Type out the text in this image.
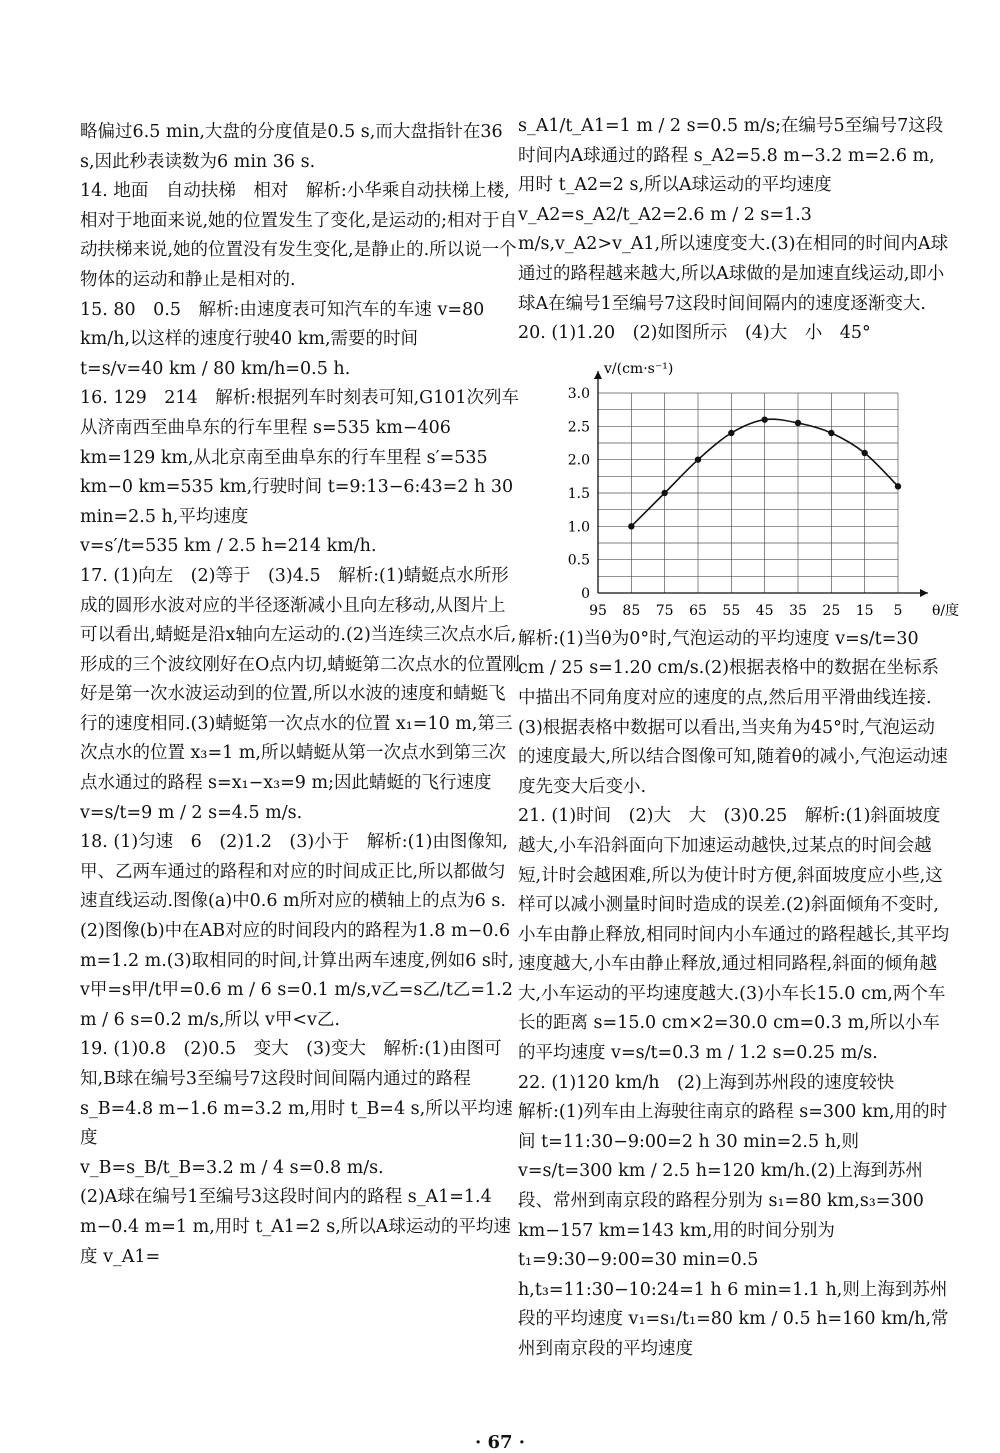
略偏过6.5 min,大盘的分度值是0.5 s,而大盘指针在36 s,因此秒表读数为6 min 36 s.

14. 地面　自动扶梯　相对　解析:小华乘自动扶梯上楼,相对于地面来说,她的位置发生了变化,是运动的;相对于自动扶梯来说,她的位置没有发生变化,是静止的.所以说一个物体的运动和静止是相对的.

15. 80　0.5　解析:由速度表可知汽车的车速 v=80 km/h,以这样的速度行驶40 km,需要的时间

t=s/v=40 km / 80 km/h=0.5 h.

16. 129　214　解析:根据列车时刻表可知,G101次列车从济南西至曲阜东的行车里程 s=535 km−406 km=129 km,从北京南至曲阜东的行车里程 s′=535 km−0 km=535 km,行驶时间 t=9:13−6:43=2 h 30 min=2.5 h,平均速度

v=s′/t=535 km / 2.5 h=214 km/h.

17. (1)向左　(2)等于　(3)4.5　解析:(1)蜻蜓点水所形成的圆形水波对应的半径逐渐减小且向左移动,从图片上可以看出,蜻蜓是沿x轴向左运动的.(2)当连续三次点水后,形成的三个波纹刚好在O点内切,蜻蜓第二次点水的位置刚好是第一次水波运动到的位置,所以水波的速度和蜻蜓飞行的速度相同.(3)蜻蜓第一次点水的位置 x₁=10 m,第三次点水的位置 x₃=1 m,所以蜻蜓从第一次点水到第三次点水通过的路程 s=x₁−x₃=9 m;因此蜻蜓的飞行速度

v=s/t=9 m / 2 s=4.5 m/s.

18. (1)匀速　6　(2)1.2　(3)小于　解析:(1)由图像知,甲、乙两车通过的路程和对应的时间成正比,所以都做匀速直线运动.图像(a)中0.6 m所对应的横轴上的点为6 s.(2)图像(b)中在AB对应的时间段内的路程为1.8 m−0.6 m=1.2 m.(3)取相同的时间,计算出两车速度,例如6 s时,

v甲=s甲/t甲=0.6 m / 6 s=0.1 m/s,v乙=s乙/t乙=1.2 m / 6 s=0.2 m/s,所以 v甲<v乙.

19. (1)0.8　(2)0.5　变大　(3)变大　解析:(1)由图可知,B球在编号3至编号7这段时间间隔内通过的路程 s_B=4.8 m−1.6 m=3.2 m,用时 t_B=4 s,所以平均速度

v_B=s_B/t_B=3.2 m / 4 s=0.8 m/s.

(2)A球在编号1至编号3这段时间内的路程 s_A1=1.4 m−0.4 m=1 m,用时 t_A1=2 s,所以A球运动的平均速度 v_A1=

s_A1/t_A1=1 m / 2 s=0.5 m/s;在编号5至编号7这段时间内A球通过的路程 s_A2=5.8 m−3.2 m=2.6 m,用时 t_A2=2 s,所以A球运动的平均速度 v_A2=s_A2/t_A2=2.6 m / 2 s=1.3 m/s,v_A2>v_A1,所以速度变大.(3)在相同的时间内A球通过的路程越来越大,所以A球做的是加速直线运动,即小球A在编号1至编号7这段时间间隔内的速度逐渐变大.

20. (1)1.20　(2)如图所示　(4)大　小　45°

0
0.5
1.0
1.5
2.0
2.5
3.0
95 85 75 65 55 45 35 25 15 5
v/(cm·s⁻¹)
θ/度

解析:(1)当θ为0°时,气泡运动的平均速度 v=s/t=30 cm / 25 s=1.20 cm/s.(2)根据表格中的数据在坐标系中描出不同角度对应的速度的点,然后用平滑曲线连接.(3)根据表格中数据可以看出,当夹角为45°时,气泡运动的速度最大,所以结合图像可知,随着θ的减小,气泡运动速度先变大后变小.

21. (1)时间　(2)大　大　(3)0.25　解析:(1)斜面坡度越大,小车沿斜面向下加速运动越快,过某点的时间会越短,计时会越困难,所以为使计时方便,斜面坡度应小些,这样可以减小测量时间时造成的误差.(2)斜面倾角不变时,小车由静止释放,相同时间内小车通过的路程越长,其平均速度越大,小车由静止释放,通过相同路程,斜面的倾角越大,小车运动的平均速度越大.(3)小车长15.0 cm,两个车长的距离 s=15.0 cm×2=30.0 cm=0.3 m,所以小车的平均速度 v=s/t=0.3 m / 1.2 s=0.25 m/s.

22. (1)120 km/h　(2)上海到苏州段的速度较快

解析:(1)列车由上海驶往南京的路程 s=300 km,用的时间 t=11:30−9:00=2 h 30 min=2.5 h,则 v=s/t=300 km / 2.5 h=120 km/h.(2)上海到苏州段、常州到南京段的路程分别为 s₁=80 km,s₃=300 km−157 km=143 km,用的时间分别为 t₁=9:30−9:00=30 min=0.5 h,t₃=11:30−10:24=1 h 6 min=1.1 h,则上海到苏州段的平均速度 v₁=s₁/t₁=80 km / 0.5 h=160 km/h,常州到南京段的平均速度

· 67 ·
